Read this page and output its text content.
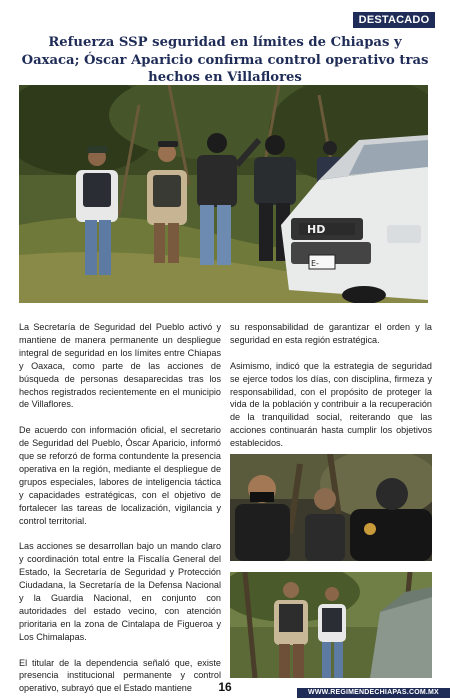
DESTACADO
Refuerza SSP seguridad en límites de Chiapas y Oaxaca; Óscar Aparicio confirma control operativo tras hechos en Villaflores
HD
E-

La Secretaría de Seguridad del Pueblo activó y mantiene de manera permanente un despliegue integral de seguridad en los límites entre Chiapas y Oaxaca, como parte de las acciones de búsqueda de personas desaparecidas tras los hechos registrados recientemente en el municipio de Villaflores.

De acuerdo con información oficial, el secretario de Seguridad del Pueblo, Óscar Aparicio, informó que se reforzó de forma contundente la presencia operativa en la región, mediante el despliegue de grupos especiales, labores de inteligencia táctica y capacidades estratégicas, con el objetivo de fortalecer las tareas de localización, vigilancia y control territorial.

Las acciones se desarrollan bajo un mando claro y coordinación total entre la Fiscalía General del Estado, la Secretaría de Seguridad y Protección Ciudadana, la Secretaría de la Defensa Nacional y la Guardia Nacional, en conjunto con autoridades del estado vecino, con atención prioritaria en la zona de Cintalapa de Figueroa y Los Chimalapas.

El titular de la dependencia señaló que, existe presencia institucional permanente y control operativo, subrayó que el Estado mantiene

su responsabilidad de garantizar el orden y la seguridad en esta región estratégica.

Asimismo, indicó que la estrategia de seguridad se ejerce todos los días, con disciplina, firmeza y responsabilidad, con el propósito de proteger la vida de la población y contribuir a la recuperación de la tranquilidad social, reiterando que las acciones continuarán hasta cumplir los objetivos establecidos.

16	WWW.REGIMENDECHIAPAS.COM.MX
